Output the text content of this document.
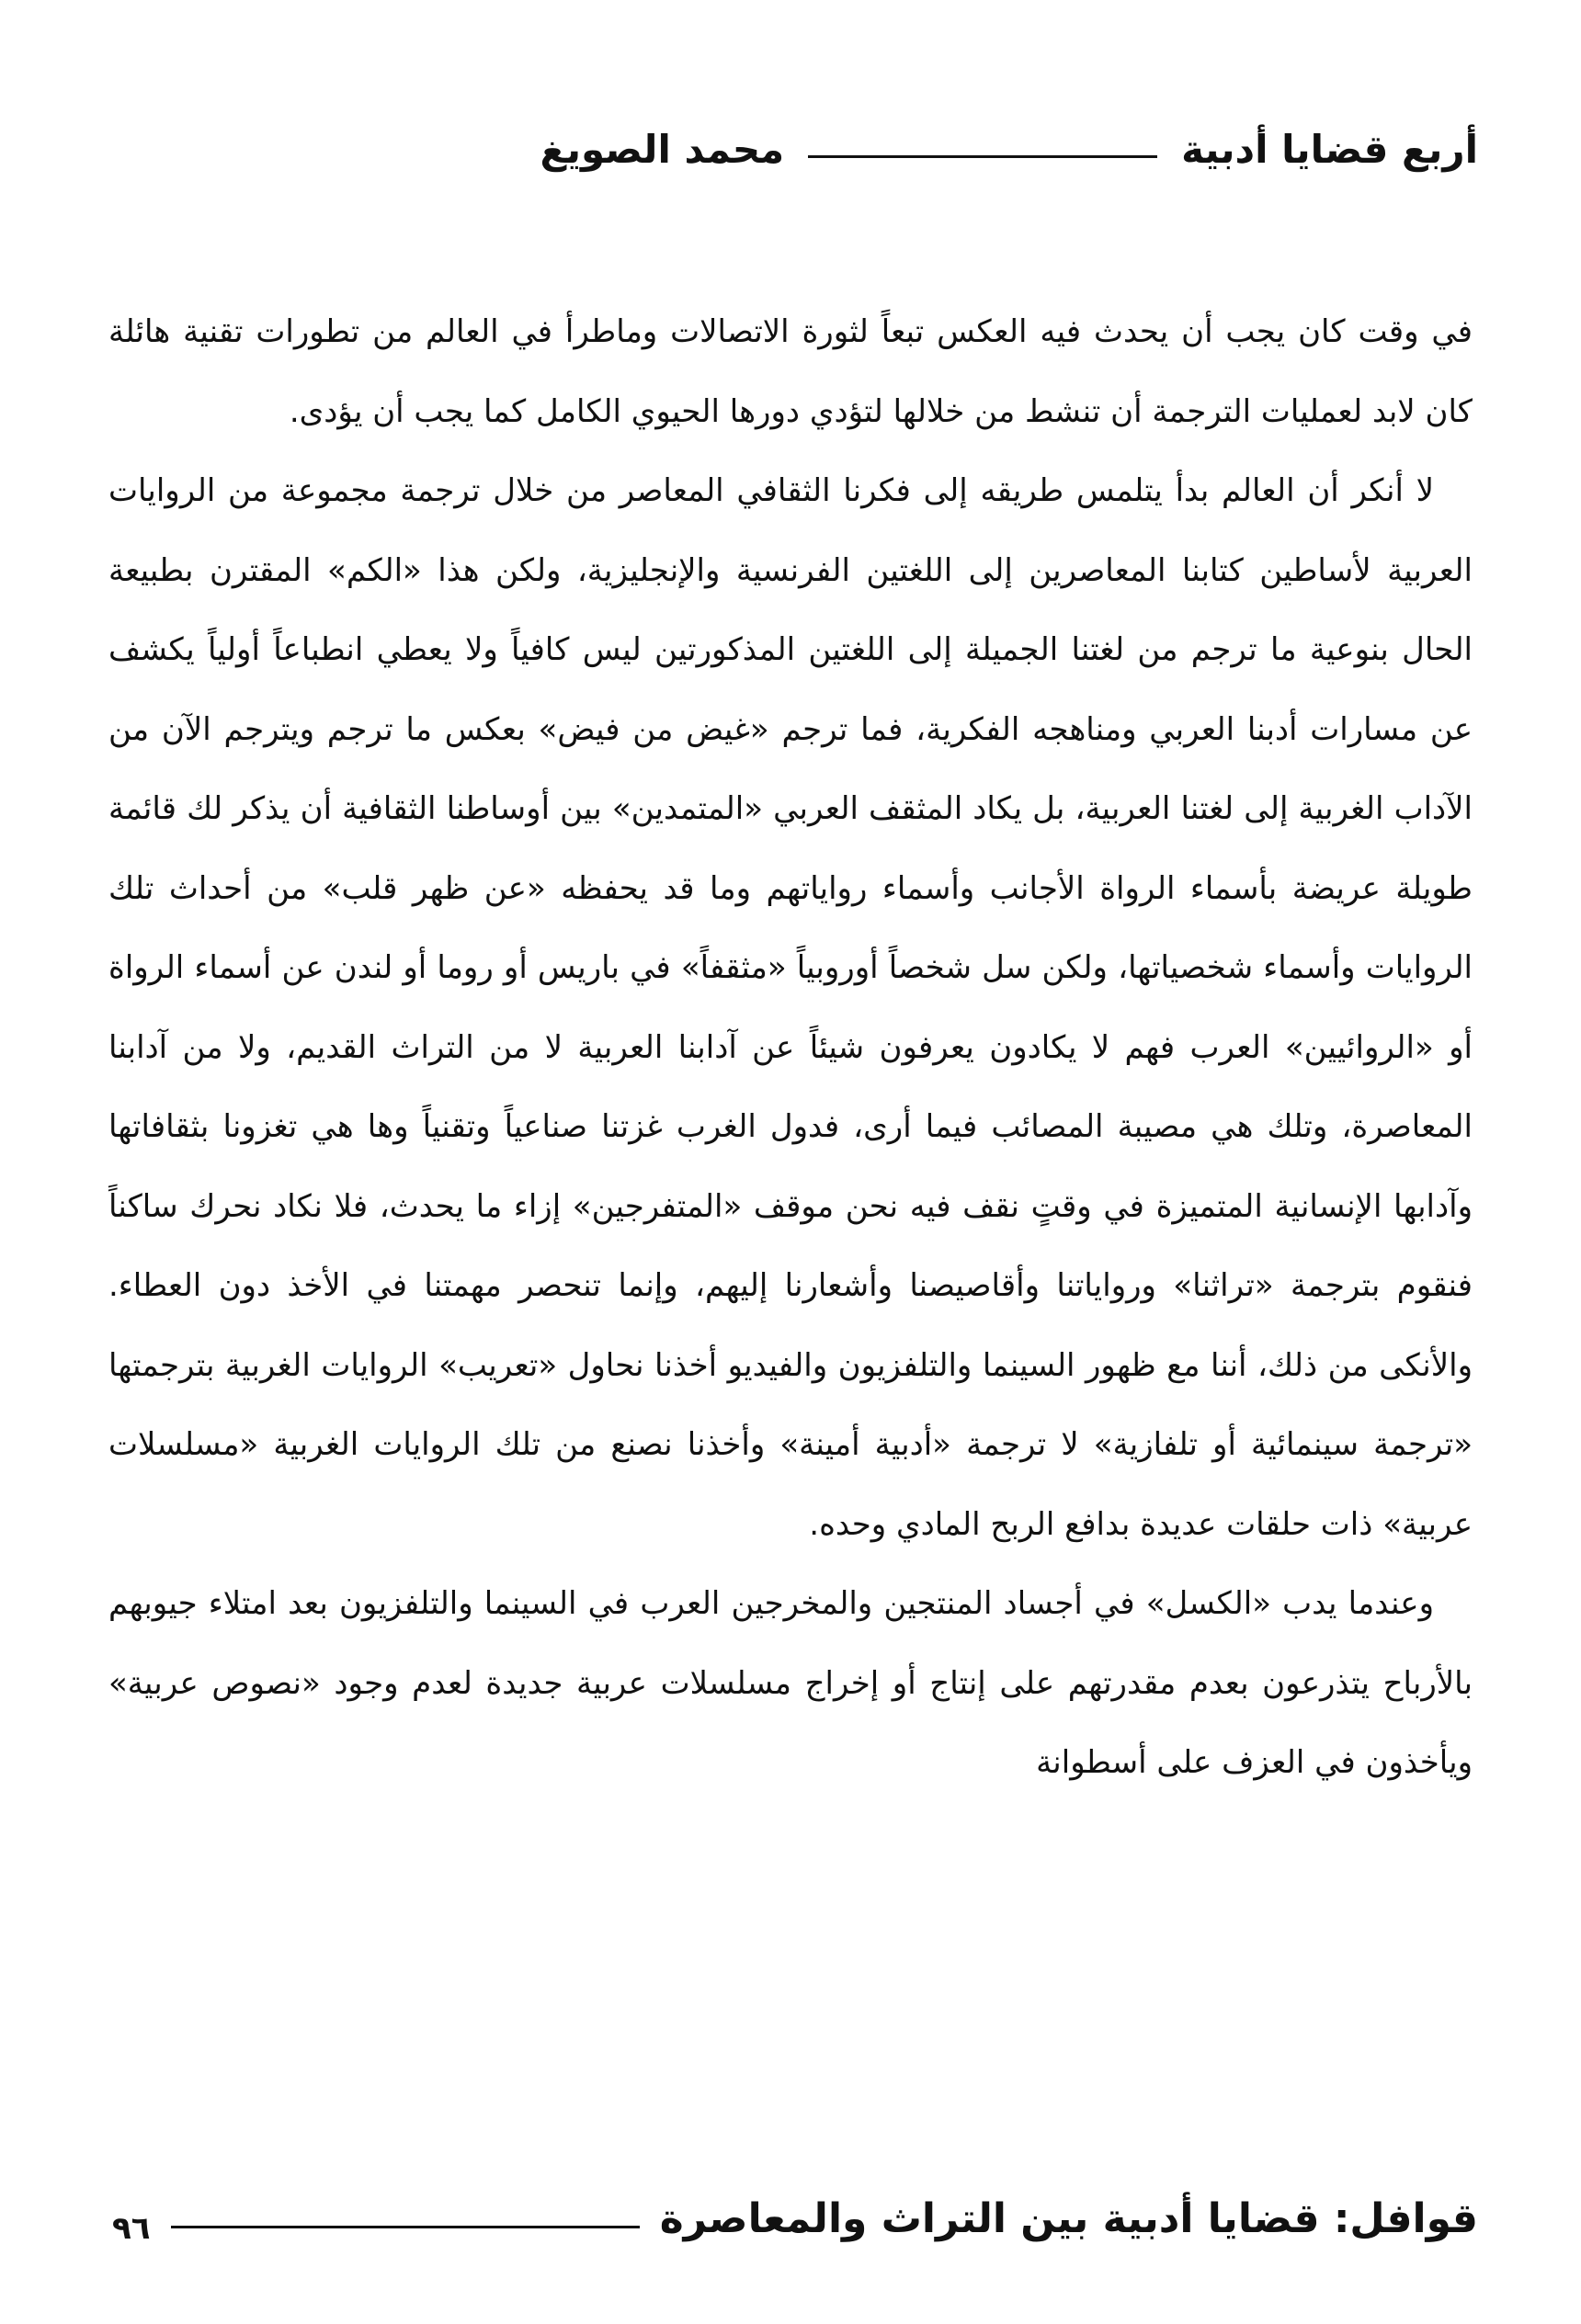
أربع قضايا أدبية
محمد الصويغ

في وقت كان يجب أن يحدث فيه العكس تبعاً لثورة الاتصالات وماطرأ في العالم من تطورات تقنية هائلة كان لابد لعمليات الترجمة أن تنشط من خلالها لتؤدي دورها الحيوي الكامل كما يجب أن يؤدى.

لا أنكر أن العالم بدأ يتلمس طريقه إلى فكرنا الثقافي المعاصر من خلال ترجمة مجموعة من الروايات العربية لأساطين كتابنا المعاصرين إلى اللغتين الفرنسية والإنجليزية، ولكن هذا «الكم» المقترن بطبيعة الحال بنوعية ما ترجم من لغتنا الجميلة إلى اللغتين المذكورتين ليس كافياً ولا يعطي انطباعاً أولياً يكشف عن مسارات أدبنا العربي ومناهجه الفكرية، فما ترجم «غيض من فيض» بعكس ما ترجم ويترجم الآن من الآداب الغربية إلى لغتنا العربية، بل يكاد المثقف العربي «المتمدين» بين أوساطنا الثقافية أن يذكر لك قائمة طويلة عريضة بأسماء الرواة الأجانب وأسماء رواياتهم وما قد يحفظه «عن ظهر قلب» من أحداث تلك الروايات وأسماء شخصياتها، ولكن سل شخصاً أوروبياً «مثقفاً» في باريس أو روما أو لندن عن أسماء الرواة أو «الروائيين» العرب فهم لا يكادون يعرفون شيئاً عن آدابنا العربية لا من التراث القديم، ولا من آدابنا المعاصرة، وتلك هي مصيبة المصائب فيما أرى، فدول الغرب غزتنا صناعياً وتقنياً وها هي تغزونا بثقافاتها وآدابها الإنسانية المتميزة في وقتٍ نقف فيه نحن موقف «المتفرجين» إزاء ما يحدث، فلا نكاد نحرك ساكناً فنقوم بترجمة «تراثنا» ورواياتنا وأقاصيصنا وأشعارنا إليهم، وإنما تنحصر مهمتنا في الأخذ دون العطاء. والأنكى من ذلك، أننا مع ظهور السينما والتلفزيون والفيديو أخذنا نحاول «تعريب» الروايات الغربية بترجمتها «ترجمة سينمائية أو تلفازية» لا ترجمة «أدبية أمينة» وأخذنا نصنع من تلك الروايات الغربية «مسلسلات عربية» ذات حلقات عديدة بدافع الربح المادي وحده.

وعندما يدب «الكسل» في أجساد المنتجين والمخرجين العرب في السينما والتلفزيون بعد امتلاء جيوبهم بالأرباح يتذرعون بعدم مقدرتهم على إنتاج أو إخراج مسلسلات عربية جديدة لعدم وجود «نصوص عربية» ويأخذون في العزف على أسطوانة

قوافل: قضايا أدبية بين التراث والمعاصرة
٩٦
